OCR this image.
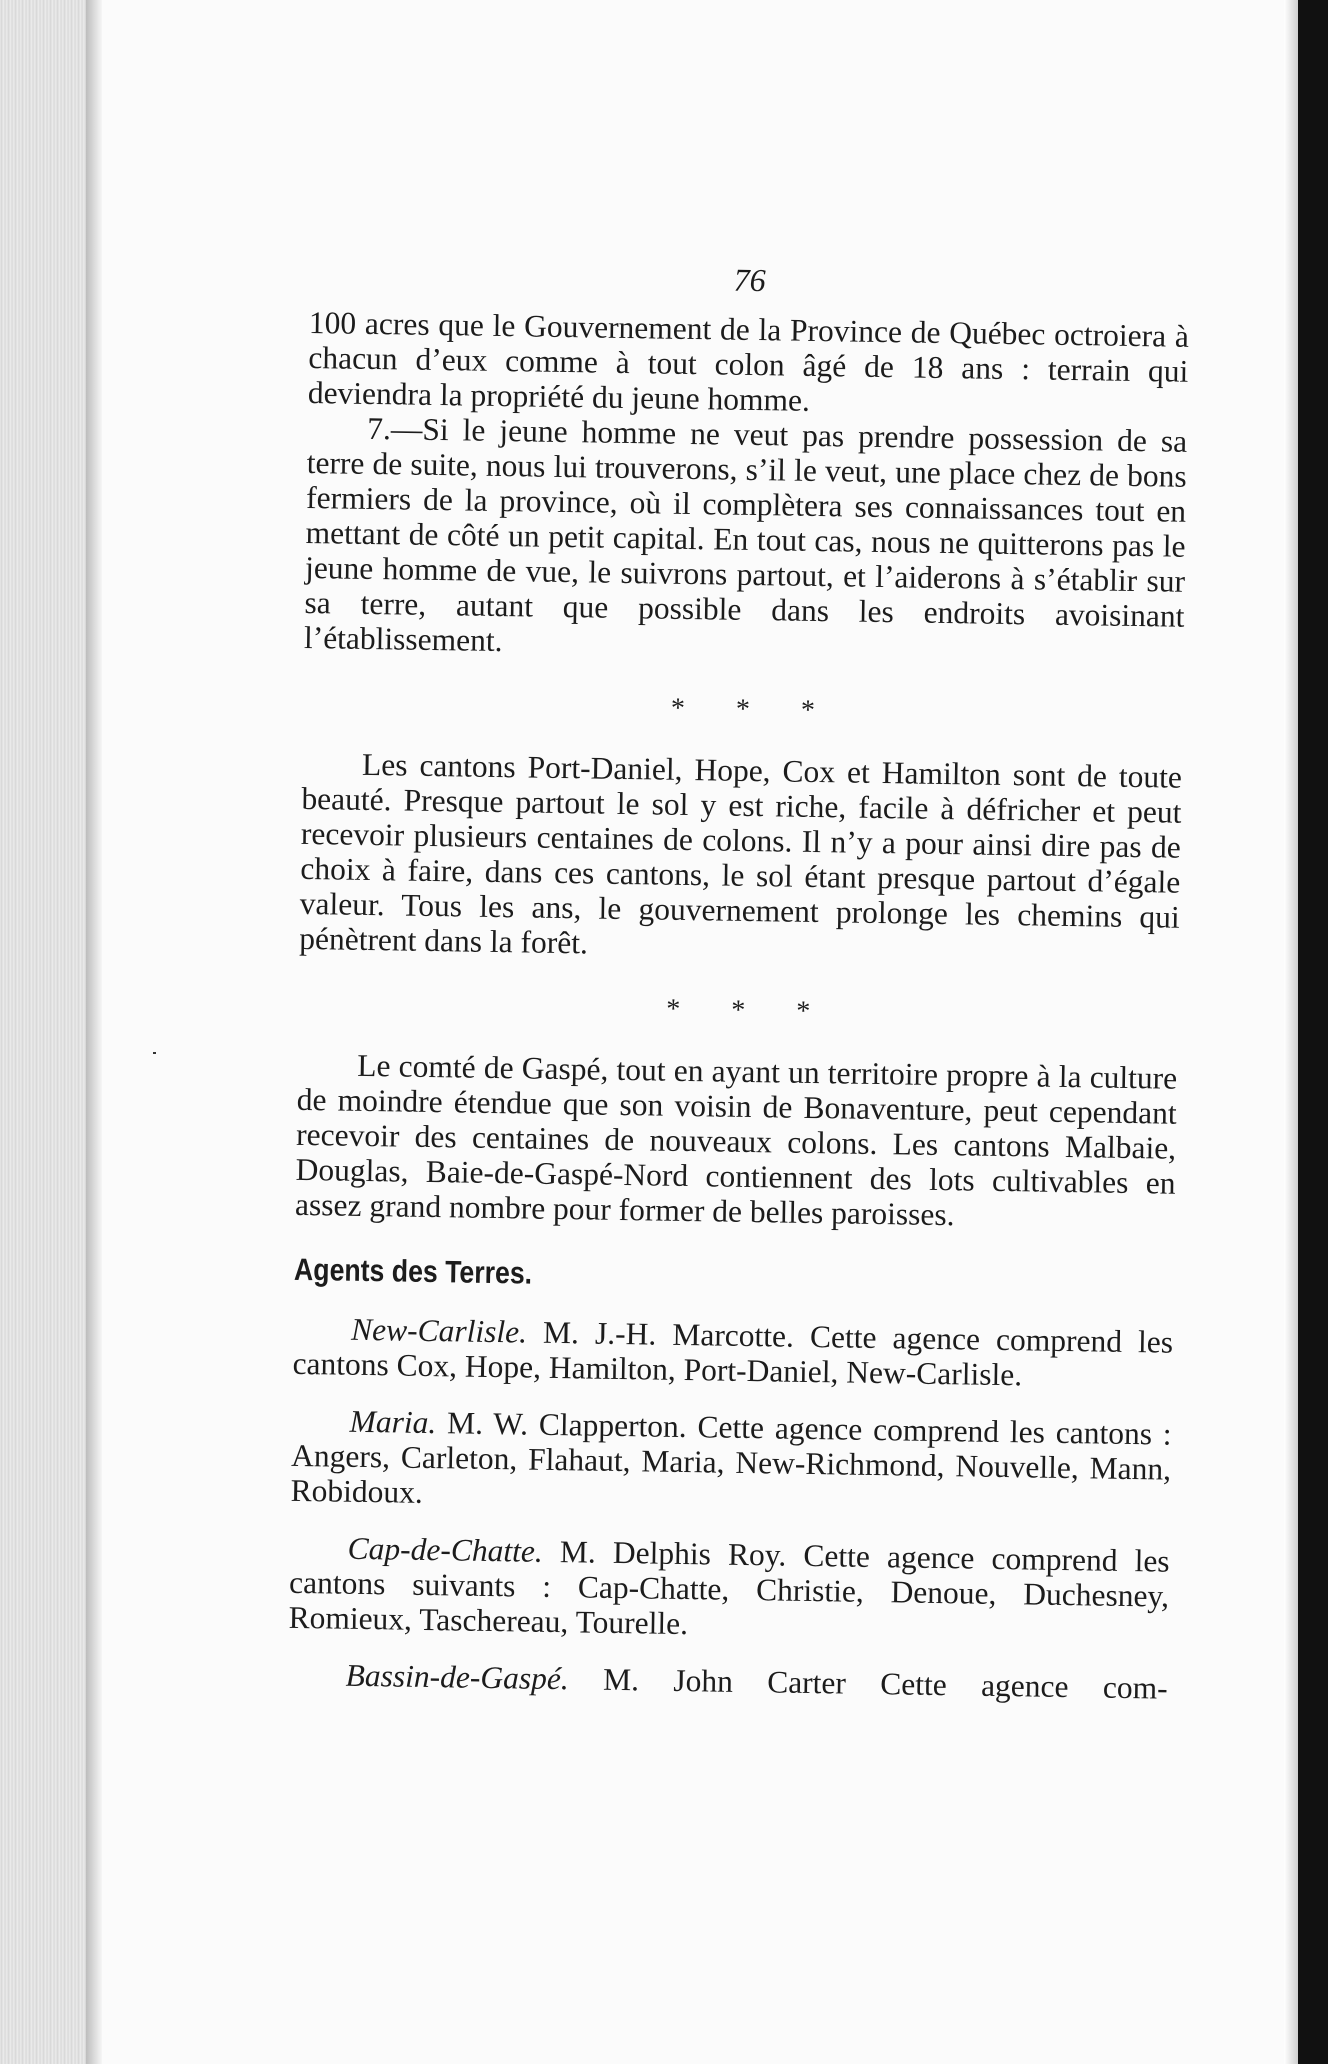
76

100 acres que le Gouvernement de la Province de Québec octroiera à chacun d’eux comme à tout colon âgé de 18 ans : terrain qui deviendra la propriété du jeune homme.

7.—Si le jeune homme ne veut pas prendre possession de sa terre de suite, nous lui trouverons, s’il le veut, une place chez de bons fermiers de la province, où il complètera ses connaissances tout en mettant de côté un petit capital. En tout cas, nous ne quitterons pas le jeune homme de vue, le suivrons partout, et l’aiderons à s’établir sur sa terre, autant que possible dans les endroits avoisinant l’établissement.

* * *

Les cantons Port-Daniel, Hope, Cox et Hamilton sont de toute beauté. Presque partout le sol y est riche, facile à défricher et peut recevoir plusieurs centaines de colons. Il n’y a pour ainsi dire pas de choix à faire, dans ces cantons, le sol étant presque partout d’égale valeur. Tous les ans, le gouvernement prolonge les chemins qui pénètrent dans la forêt.

* * *

Le comté de Gaspé, tout en ayant un territoire propre à la culture de moindre étendue que son voisin de Bonaventure, peut cependant recevoir des centaines de nouveaux colons. Les cantons Malbaie, Douglas, Baie-de-Gaspé-Nord contiennent des lots cultivables en assez grand nombre pour former de belles paroisses.

Agents des Terres.

New-Carlisle. M. J.-H. Marcotte. Cette agence comprend les cantons Cox, Hope, Hamilton, Port-Daniel, New-Carlisle.

Maria. M. W. Clapperton. Cette agence comprend les cantons : Angers, Carleton, Flahaut, Maria, New-Richmond, Nouvelle, Mann, Robidoux.

Cap-de-Chatte. M. Delphis Roy. Cette agence comprend les cantons suivants : Cap-Chatte, Christie, Denoue, Duchesney, Romieux, Taschereau, Tourelle.

Bassin-de-Gaspé. M. John Carter Cette agence com-
